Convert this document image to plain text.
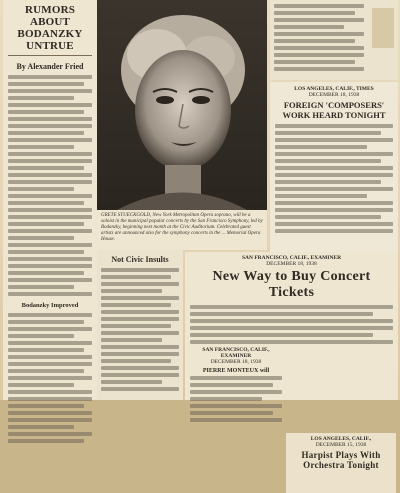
RUMORS ABOUT BODANZKY UNTRUE
By Alexander Fried
Bodanzky Improved
GRETE STUECKGOLD, New York Metropolitan Opera soprano, will be a soloist in the municipal popular concerts by the San Francisco Symphony, led by Bodanzky, beginning next month at the Civic Auditorium. Celebrated guest artists are announced also for the symphony concerts in the ... Memorial Opera House.
Not Civic Insults
LOS ANGELES, CALIF., TIMES
DECEMBER 18, 1938
FOREIGN 'COMPOSERS' WORK HEARD TONIGHT
SAN FRANCISCO, CALIF., EXAMINER
DECEMBER 18, 1938
New Way to Buy Concert Tickets
SAN FRANCISCO, CALIF., EXAMINER
DECEMBER 18, 1938
PIERRE MONTEUX will
LOS ANGELES, CALIF.,
DECEMBER 15, 1938
Harpist Plays With Orchestra Tonight
